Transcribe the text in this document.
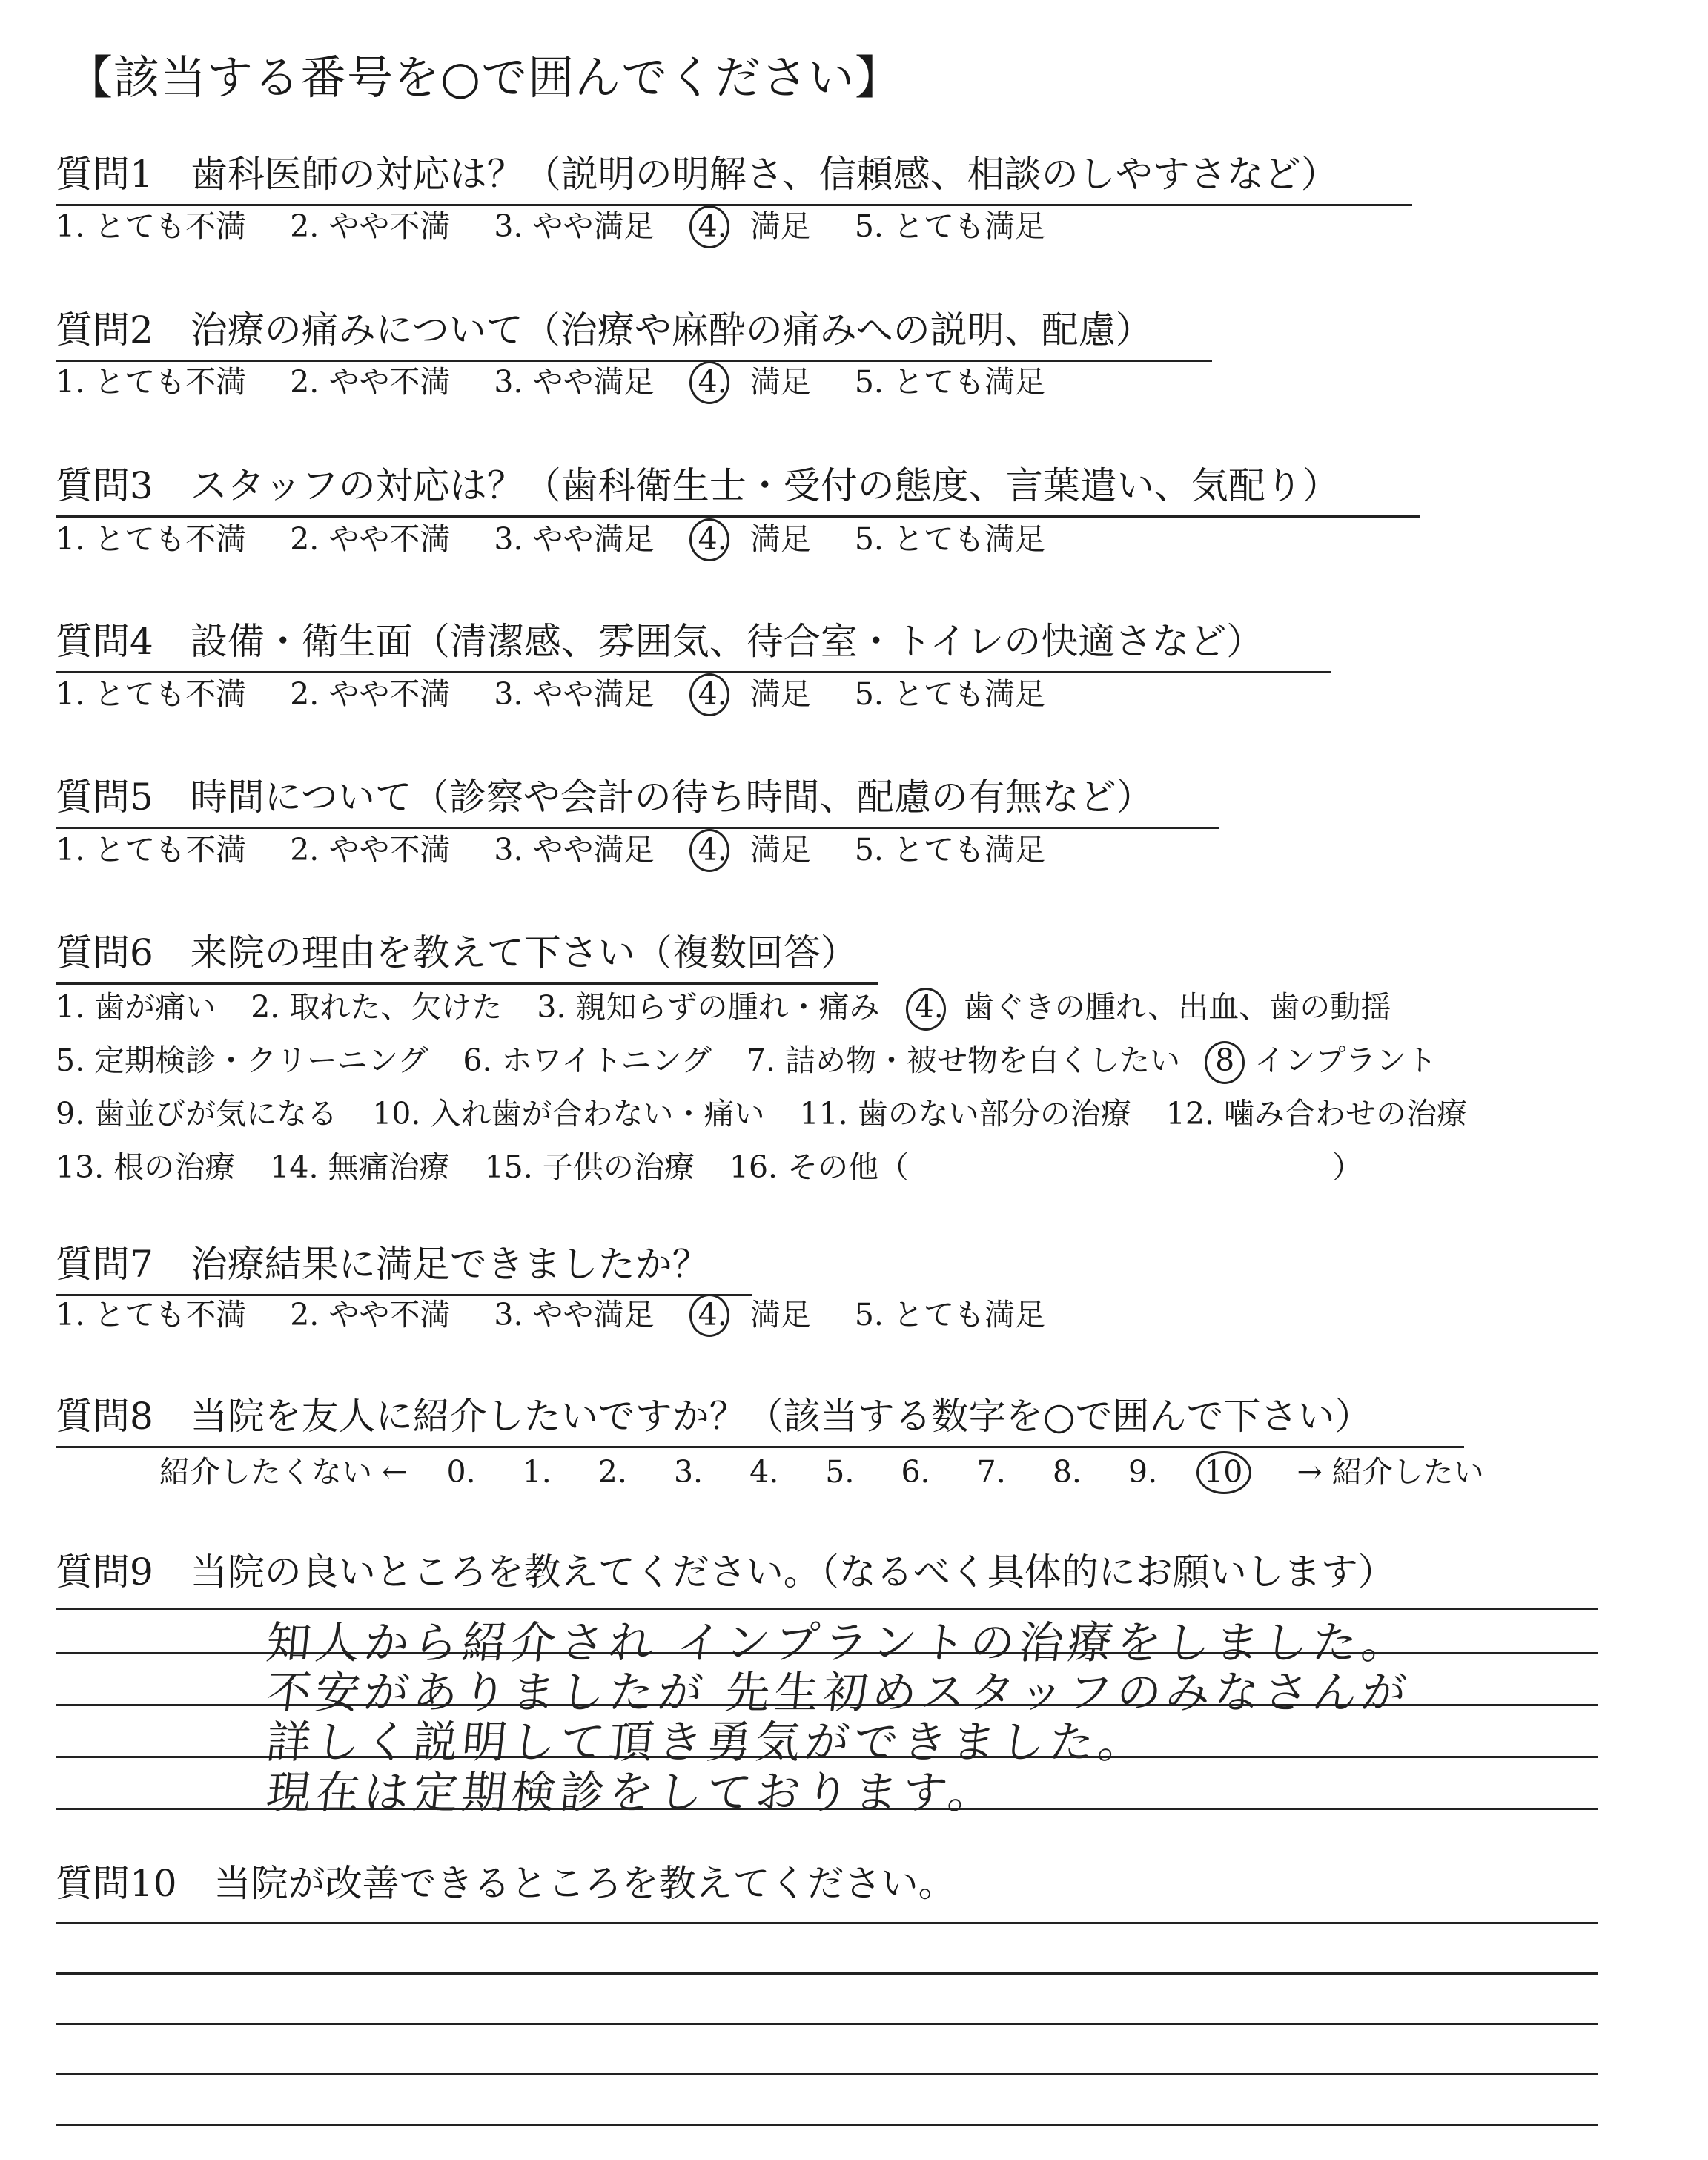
【該当する番号を○で囲んでください】
質問1　歯科医師の対応は？（説明の明解さ、信頼感、相談のしやすさなど）
1. とても不満 2. やや不満 3. やや満足 4. 満足 5. とても満足
質問2　治療の痛みについて（治療や麻酔の痛みへの説明、配慮）
1. とても不満 2. やや不満 3. やや満足 4. 満足 5. とても満足
質問3　スタッフの対応は？（歯科衛生士・受付の態度、言葉遣い、気配り）
1. とても不満 2. やや不満 3. やや満足 4. 満足 5. とても満足
質問4　設備・衛生面（清潔感、雰囲気、待合室・トイレの快適さなど）
1. とても不満 2. やや不満 3. やや満足 4. 満足 5. とても満足
質問5　時間について（診察や会計の待ち時間、配慮の有無など）
1. とても不満 2. やや不満 3. やや満足 4. 満足 5. とても満足
質問6　来院の理由を教えて下さい（複数回答）
1. 歯が痛い 2. 取れた、欠けた 3. 親知らずの腫れ・痛み 4. 歯ぐきの腫れ、出血、歯の動揺
5. 定期検診・クリーニング 6. ホワイトニング 7. 詰め物・被せ物を白くしたい 8 インプラント
9. 歯並びが気になる 10. 入れ歯が合わない・痛い 11. 歯のない部分の治療 12. 噛み合わせの治療
13. 根の治療 14. 無痛治療 15. 子供の治療 16. その他（	）
質問7　治療結果に満足できましたか？
1. とても不満 2. やや不満 3. やや満足 4. 満足 5. とても満足
質問8　当院を友人に紹介したいですか？（該当する数字を○で囲んで下さい）
紹介したくない ← 0. 1. 2. 3. 4. 5. 6. 7. 8. 9. 10 → 紹介したい
質問9　当院の良いところを教えてください。（なるべく具体的にお願いします）
知人から紹介され インプラントの治療をしました。
不安がありましたが 先生初めスタッフのみなさんが
詳しく説明して頂き勇気ができました。
現在は定期検診をしております。
質問10　当院が改善できるところを教えてください。
